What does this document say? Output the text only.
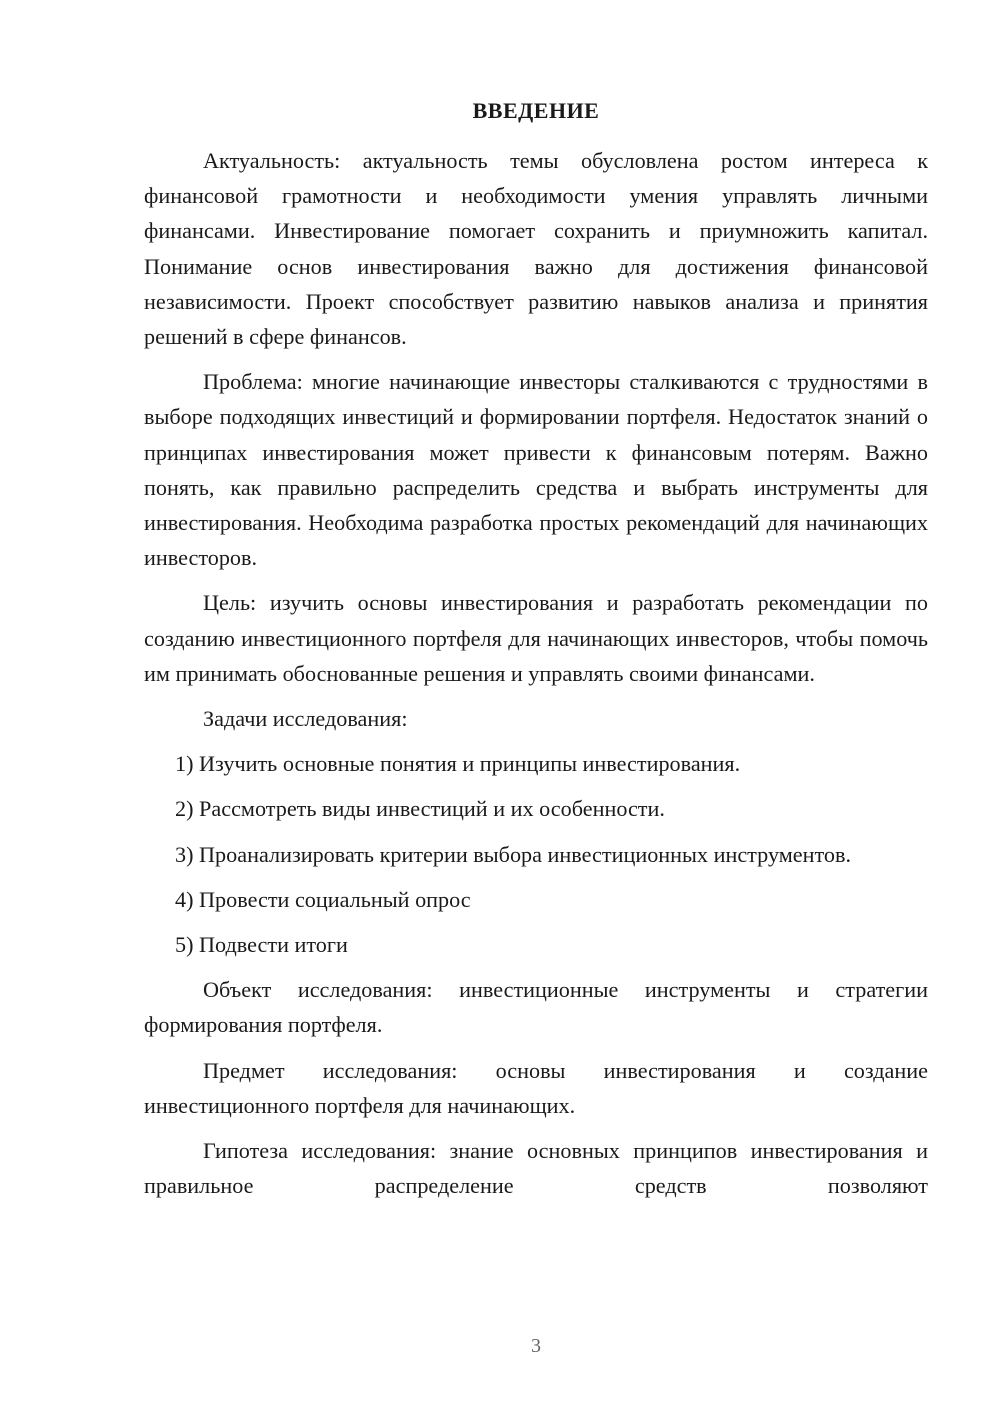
ВВЕДЕНИЕ

Актуальность: актуальность темы обусловлена ростом интереса к финансовой грамотности и необходимости умения управлять личными финансами. Инвестирование помогает сохранить и приумножить капитал. Понимание основ инвестирования важно для достижения финансовой независимости. Проект способствует развитию навыков анализа и принятия решений в сфере финансов.

Проблема: многие начинающие инвесторы сталкиваются с трудностями в выборе подходящих инвестиций и формировании портфеля. Недостаток знаний о принципах инвестирования может привести к финансовым потерям. Важно понять, как правильно распределить средства и выбрать инструменты для инвестирования. Необходима разработка простых рекомендаций для начинающих инвесторов.

Цель: изучить основы инвестирования и разработать рекомендации по созданию инвестиционного портфеля для начинающих инвесторов, чтобы помочь им принимать обоснованные решения и управлять своими финансами.

Задачи исследования:

1) Изучить основные понятия и принципы инвестирования.

2) Рассмотреть виды инвестиций и их особенности.

3) Проанализировать критерии выбора инвестиционных инструментов.

4) Провести социальный опрос

5) Подвести итоги

Объект исследования: инвестиционные инструменты и стратегии формирования портфеля.

Предмет исследования: основы инвестирования и создание инвестиционного портфеля для начинающих.

Гипотеза исследования: знание основных принципов инвестирования и правильное распределение средств позволяют

3
